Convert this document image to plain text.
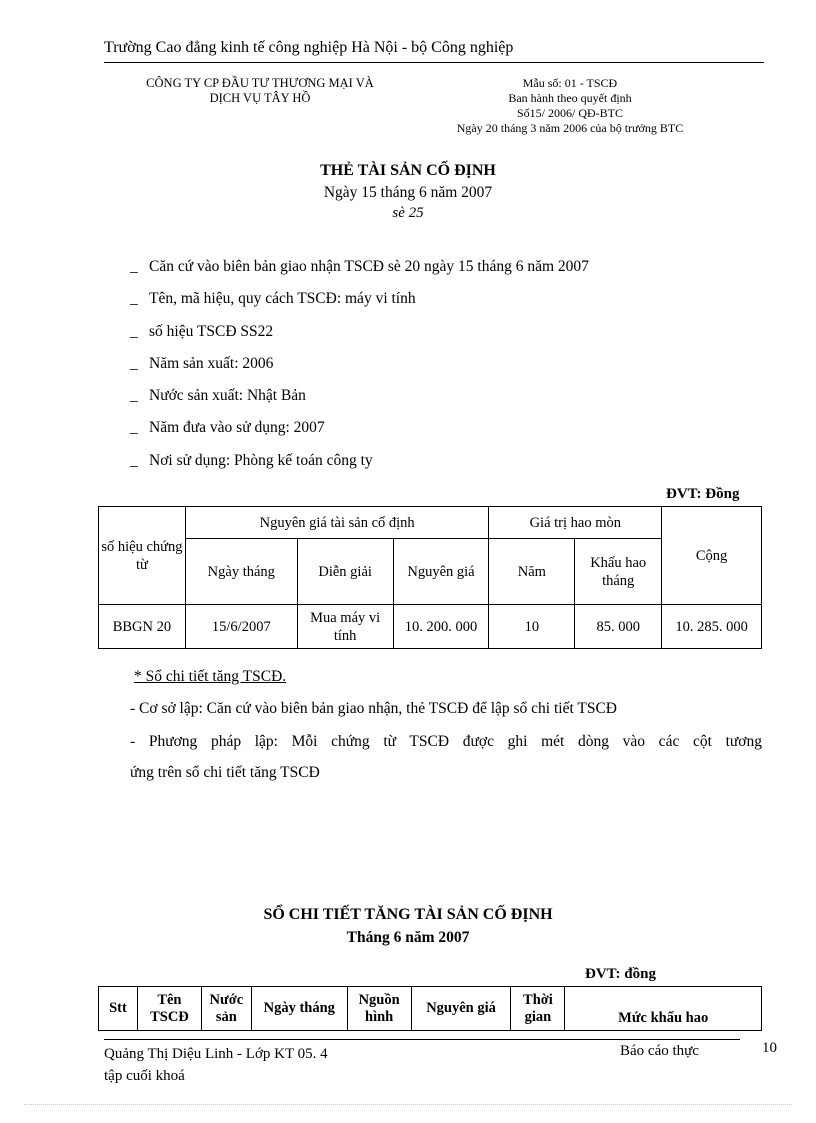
Trường Cao đẳng kinh tế công nghiệp Hà Nội - bộ Công nghiệp
CÔNG TY CP ĐẦU TƯ THƯƠNG MẠI VÀ
DỊCH VỤ TÂY HỒ
Mẫu số: 01 - TSCĐ
Ban hành theo quyết định
Số15/ 2006/ QĐ-BTC
Ngày 20 tháng 3 năm 2006 của bộ trưởng BTC
THẺ TÀI SẢN CỐ ĐỊNH
Ngày 15 tháng 6 năm 2007
sè 25
_ Căn cứ vào biên bản giao nhận TSCĐ sè 20 ngày 15 tháng 6 năm 2007
_ Tên, mã hiệu, quy cách TSCĐ: máy vi tính
_ số hiệu TSCĐ SS22
_ Năm sản xuất: 2006
_ Nước sản xuất: Nhật Bản
_ Năm đưa vào sử dụng: 2007
_ Nơi sử dụng: Phòng kế toán công ty
ĐVT: Đồng
số hiệu chứng từ	Nguyên giá tài sản cố định			Giá trị hao mòn		Cộng
	Ngày tháng	Diễn giải	Nguyên giá	Năm	Khấu hao tháng	
BBGN 20	15/6/2007	Mua máy vi tính	10. 200. 000	10	85. 000	10. 285. 000
* Sổ chi tiết tăng TSCĐ.
- Cơ sở lập: Căn cứ vào biên bản giao nhận, thẻ TSCĐ để lập sổ chi tiết TSCĐ
- Phương pháp lập: Mỗi chứng từ TSCĐ được ghi mét dòng vào các cột tương
ứng trên sổ chi tiết tăng TSCĐ
SỔ CHI TIẾT TĂNG TÀI SẢN CỐ ĐỊNH
Tháng 6 năm 2007
ĐVT: đồng
Stt	Tên TSCĐ	Nước sản	Ngày tháng	Nguồn hình	Nguyên giá	Thời gian	Mức khấu hao
Quảng Thị Diệu Linh - Lớp KT 05. 4
tập cuối khoá
Báo cáo thực	10
